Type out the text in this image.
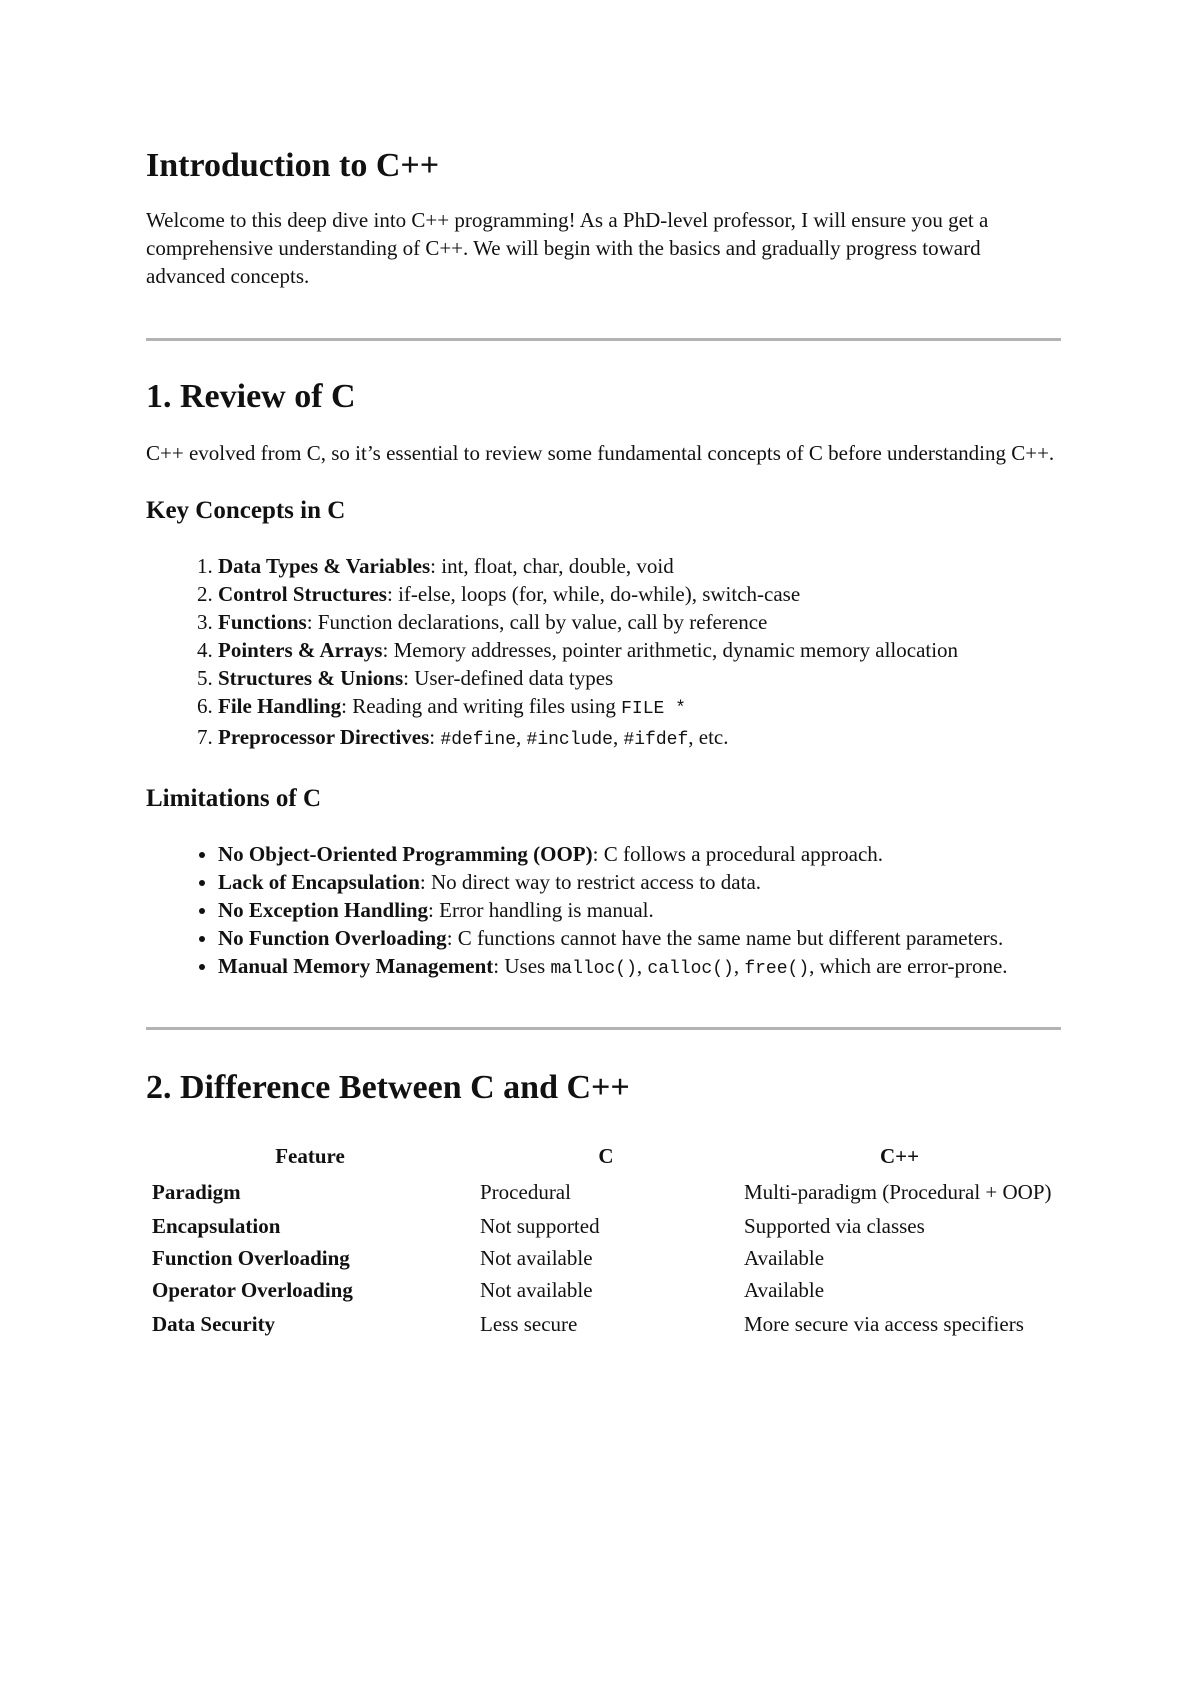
Introduction to C++

Welcome to this deep dive into C++ programming! As a PhD-level professor, I will ensure you get a comprehensive understanding of C++. We will begin with the basics and gradually progress toward advanced concepts.

1. Review of C

C++ evolved from C, so it’s essential to review some fundamental concepts of C before understanding C++.

Key Concepts in C
1. Data Types & Variables: int, float, char, double, void
2. Control Structures: if-else, loops (for, while, do-while), switch-case
3. Functions: Function declarations, call by value, call by reference
4. Pointers & Arrays: Memory addresses, pointer arithmetic, dynamic memory allocation
5. Structures & Unions: User-defined data types
6. File Handling: Reading and writing files using FILE *
7. Preprocessor Directives: #define, #include, #ifdef, etc.
Limitations of C
• No Object-Oriented Programming (OOP): C follows a procedural approach.
• Lack of Encapsulation: No direct way to restrict access to data.
• No Exception Handling: Error handling is manual.
• No Function Overloading: C functions cannot have the same name but different parameters.
• Manual Memory Management: Uses malloc(), calloc(), free(), which are error-prone.
2. Difference Between C and C++
Feature	C	C++
Paradigm	Procedural	Multi-paradigm (Procedural + OOP)
Encapsulation	Not supported	Supported via classes
Function Overloading	Not available	Available
Operator Overloading	Not available	Available
Data Security	Less secure	More secure via access specifiers
